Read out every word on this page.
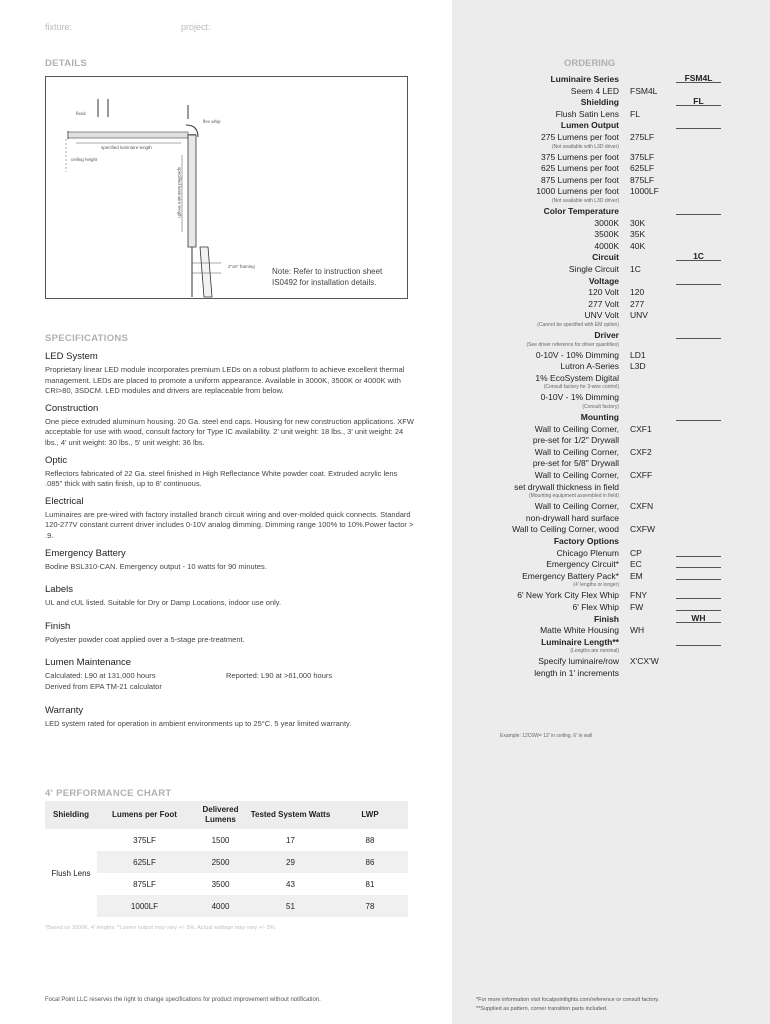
fixture:	project:
DETAILS
fixed
flex whip
specified luminaire length
ceiling height
specified luminaire length
2"x6" framing
Note: Refer to instruction sheet IS0492 for installation details.
SPECIFICATIONS
LED System

Proprietary linear LED module incorporates premium LEDs on a robust platform to achieve excellent thermal management. LEDs are placed to promote a uniform appearance. Available in 3000K, 3500K or 4000K with CRI>80, 3SDCM. LED modules and drivers are replaceable from below.

Construction

One piece extruded aluminum housing. 20 Ga. steel end caps. Housing for new construction applications. XFW acceptable for use with wood, consult factory for Type IC availability. 2' unit weight: 18 lbs., 3' unit weight: 24 lbs., 4' unit weight: 30 lbs., 5' unit weight: 36 lbs.

Optic

Reflectors fabricated of 22 Ga. steel finished in High Reflectance White powder coat. Extruded acrylic lens .085" thick with satin finish, up to 8' continuous.

Electrical

Luminaires are pre-wired with factory installed branch circuit wiring and over-molded quick connects. Standard 120-277V constant current driver includes 0-10V analog dimming. Dimming range 100% to 10%.Power factor > .9.

Emergency Battery

Bodine BSL310-CAN. Emergency output - 10 watts for 90 minutes.

Labels

UL and cUL listed. Suitable for Dry or Damp Locations, indoor use only.

Finish

Polyester powder coat applied over a 5-stage pre-treatment.

Lumen Maintenance
Calculated: L90 at 131,000 hours	Reported: L90 at >61,000 hours

Derived from EPA TM-21 calculator

Warranty

LED system rated for operation in ambient environments up to 25°C. 5 year limited warranty.

4' PERFORMANCE CHART
Shielding	Lumens per Foot	Delivered Lumens	Tested System Watts	LWP
Flush Lens	375LF	1500	17	88
	625LF	2500	29	86
	875LF	3500	43	81
	1000LF	4000	51	78
*Based on 3500K, 4' lengths. *Lumen output may vary +/- 5%. Actual wattage may vary +/- 5%.
Focal Point LLC reserves the right to change specifications for product improvement without notification.
ORDERING
Luminaire Series	FSM4L
Seem 4 LED FSM4L
Shielding	FL
Flush Satin Lens FL
Lumen Output
275 Lumens per foot 275LF
(Not available with L3D driver)
375 Lumens per foot 375LF
625 Lumens per foot 625LF
875 Lumens per foot 875LF
1000 Lumens per foot 1000LF
(Not available with L3D driver)
Color Temperature
3000K 30K
3500K 35K
4000K 40K
Circuit	1C
Single Circuit 1C
Voltage
120 Volt 120
277 Volt 277
UNV Volt UNV
(Cannot be specified with EM option)
Driver
(See driver reference for driver quantities)
0-10V - 10% Dimming LD1
Lutron A-Series L3D
1% EcoSystem Digital
(Consult factory for 3-wire control)
0-10V - 1% Dimming
(Consult factory)
Mounting
Wall to Ceiling Corner, CXF1
pre-set for 1/2" Drywall
Wall to Ceiling Corner, CXF2
pre-set for 5/8" Drywall
Wall to Ceiling Corner, CXFF
set drywall thickness in field
(Mounting equipment assembled in field)
Wall to Ceiling Corner, CXFN
non-drywall hard surface
Wall to Ceiling Corner, wood CXFW
Factory Options
Chicago Plenum CP
Emergency Circuit* EC
Emergency Battery Pack* EM
(4' lengths or longer)
6' New York City Flex Whip FNY
6' Flex Whip FW
Finish	WH
Matte White Housing WH
Luminaire Length**
(Lengths are nominal)
Specify luminaire/row X'CX'W
length in 1' increments
Example: 12C6W= 12' in ceiling, 6' in wall
*For more information visit focalpointlights.com/reference or consult factory.
**Supplied as pattern, corner transition parts included.
